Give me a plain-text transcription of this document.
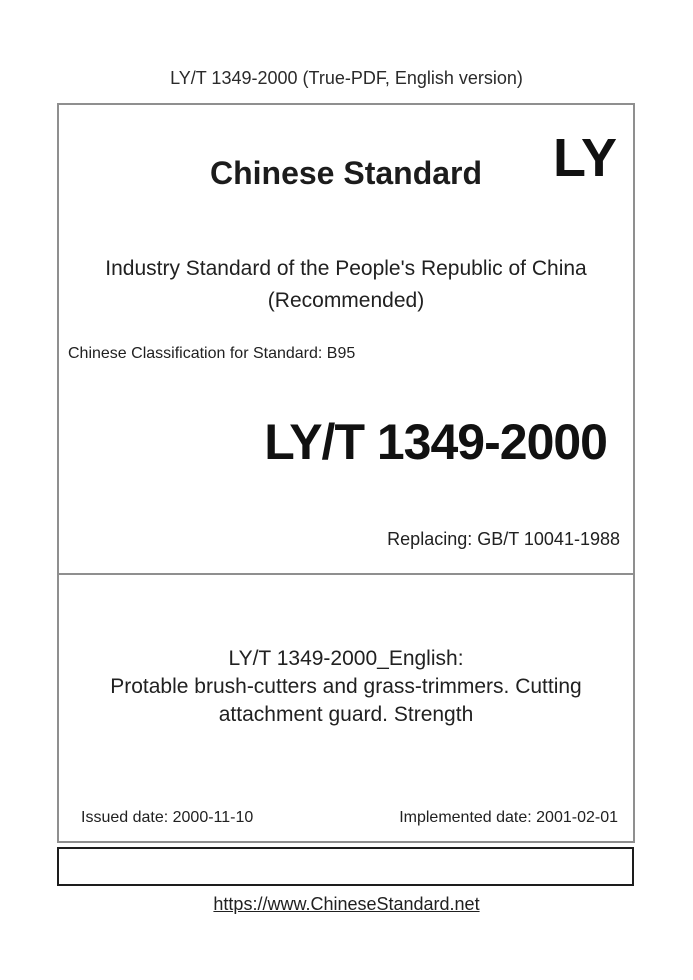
LY/T 1349-2000 (True-PDF, English version)
Chinese Standard	LY
Industry Standard of the People's Republic of China
(Recommended)
Chinese Classification for Standard: B95
LY/T 1349-2000
Replacing: GB/T 10041-1988
LY/T 1349-2000_English:
Protable brush-cutters and grass-trimmers. Cutting
attachment guard. Strength
Issued date: 2000-11-10	Implemented date: 2001-02-01
https://www.ChineseStandard.net
